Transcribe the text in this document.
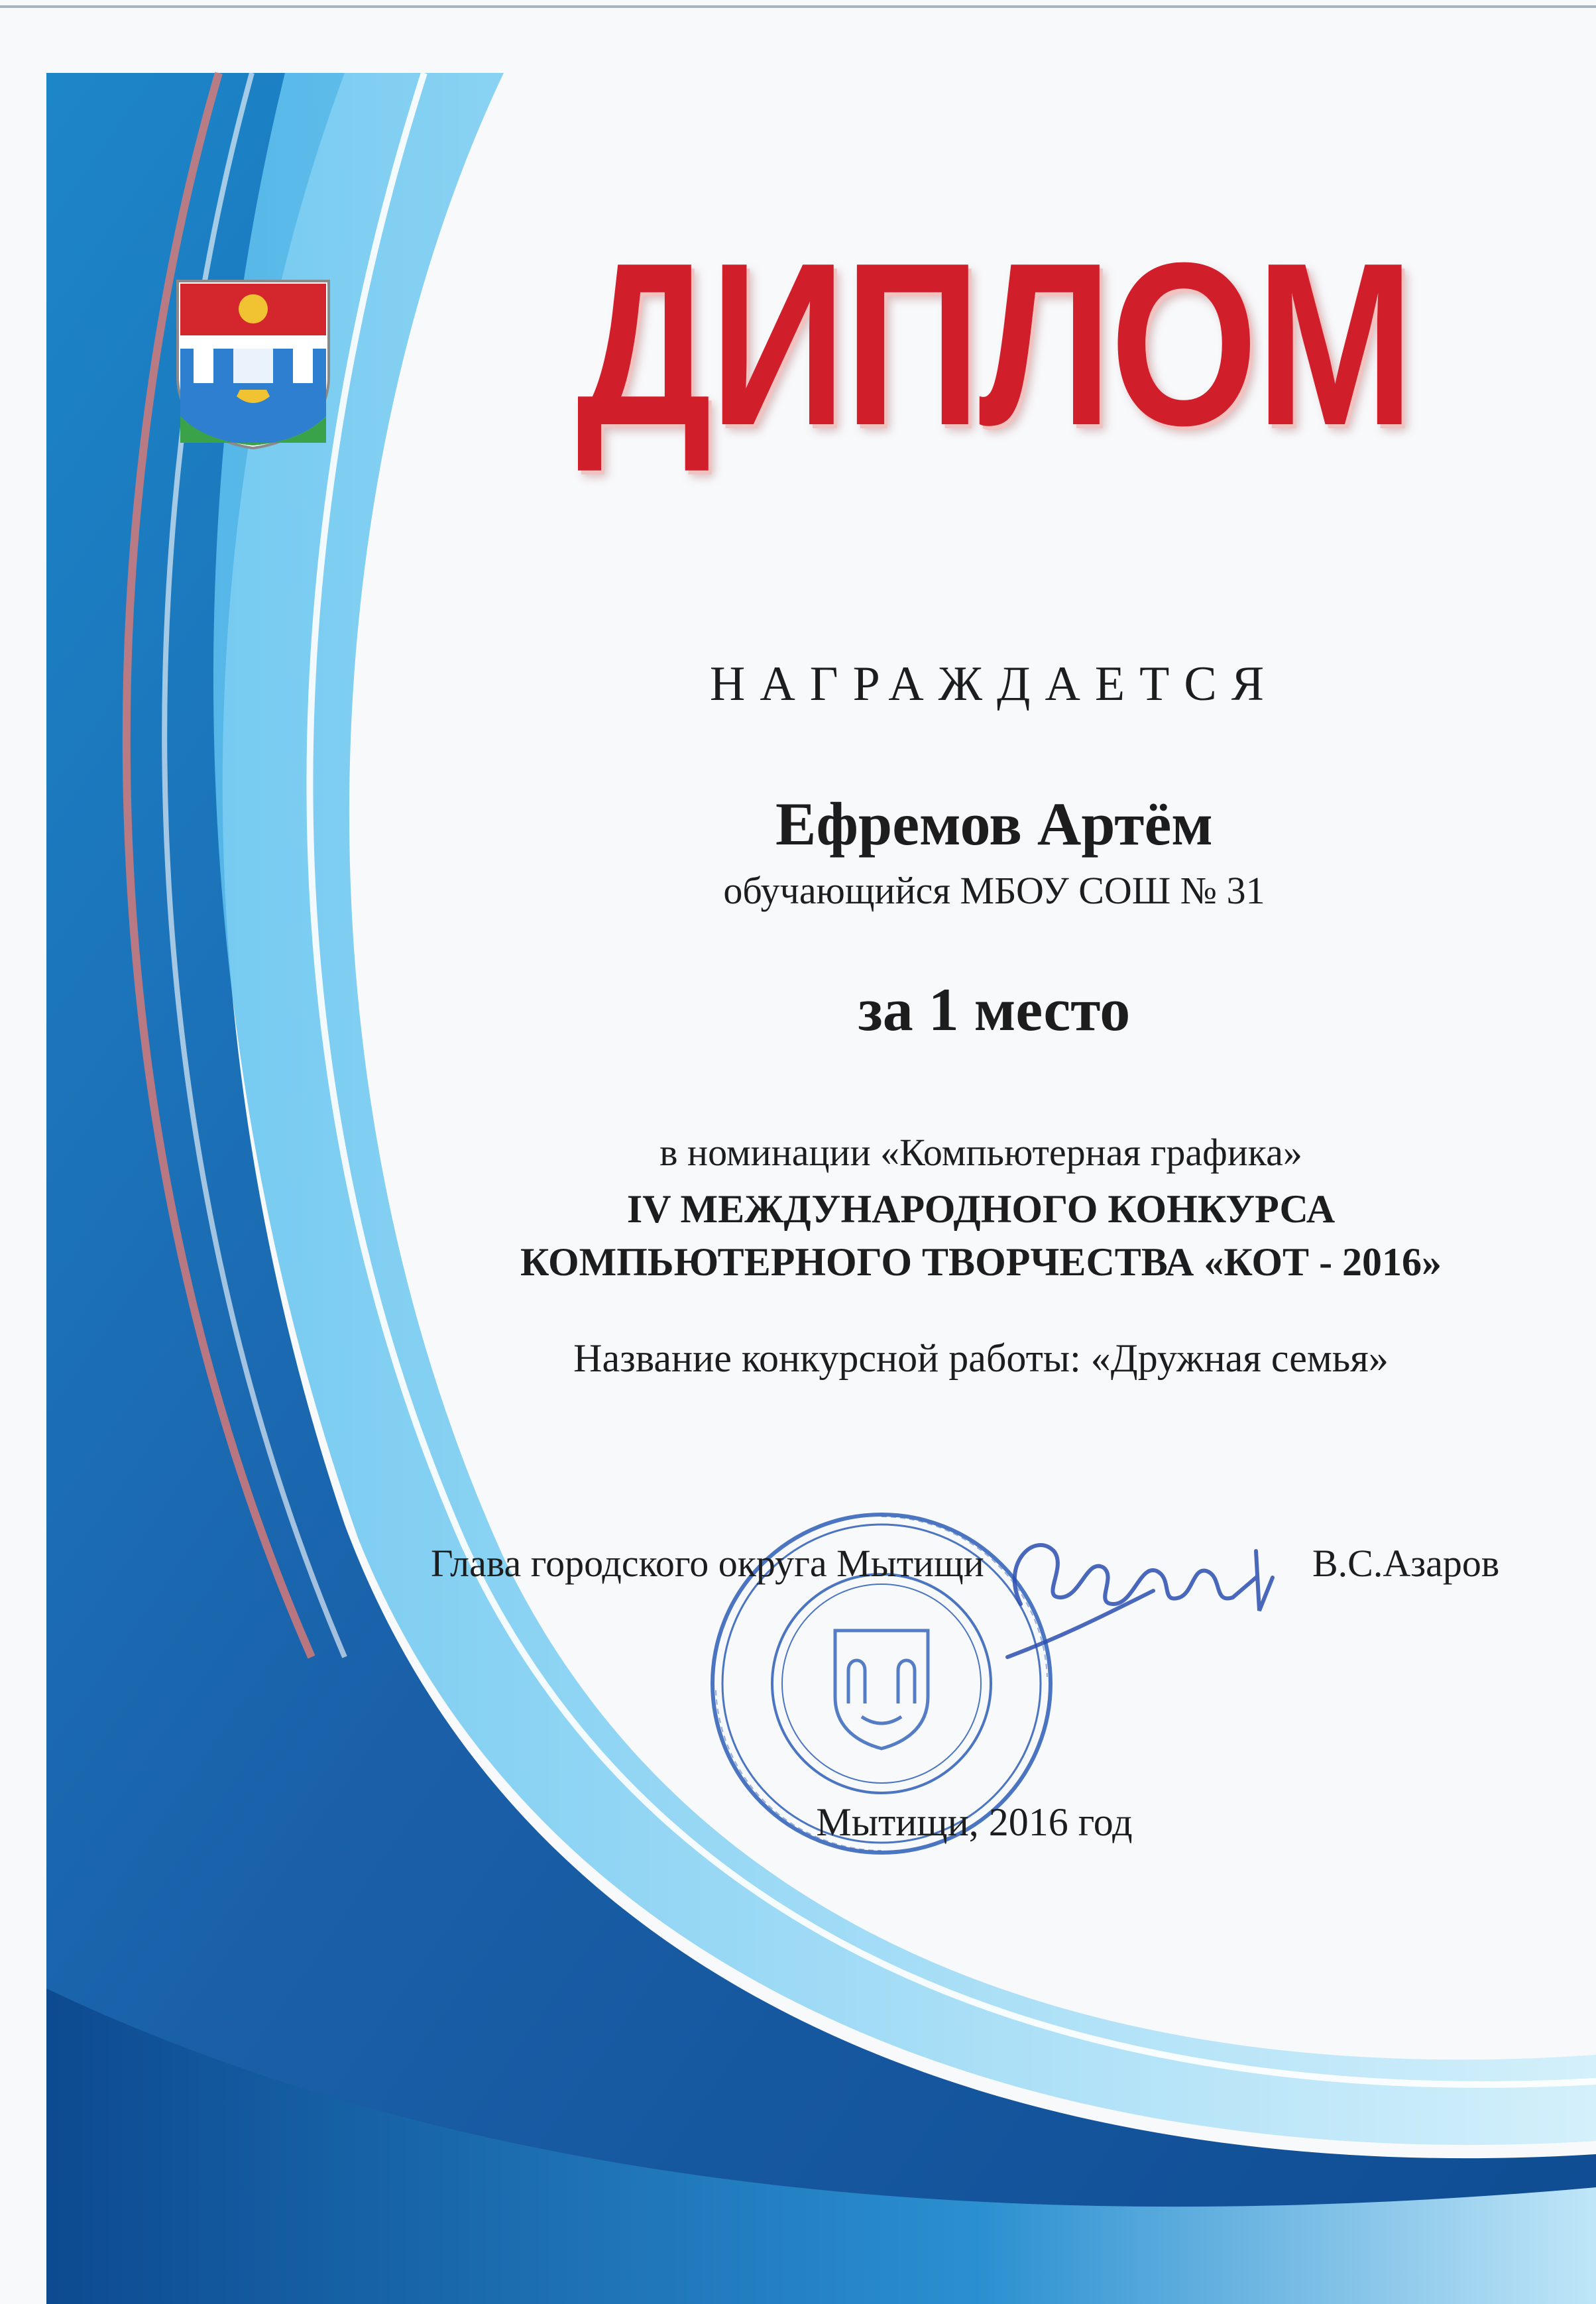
ДИПЛОМ
НАГРАЖДАЕТСЯ
Ефремов Артём
обучающийся МБОУ СОШ № 31
за 1 место
в номинации «Компьютерная графика»
IV МЕЖДУНАРОДНОГО КОНКУРСА
КОМПЬЮТЕРНОГО ТВОРЧЕСТВА «КОТ - 2016»
Название конкурсной работы: «Дружная семья»
Глава городского округа Мытищи	В.С.Азаров
Мытищи, 2016 год
